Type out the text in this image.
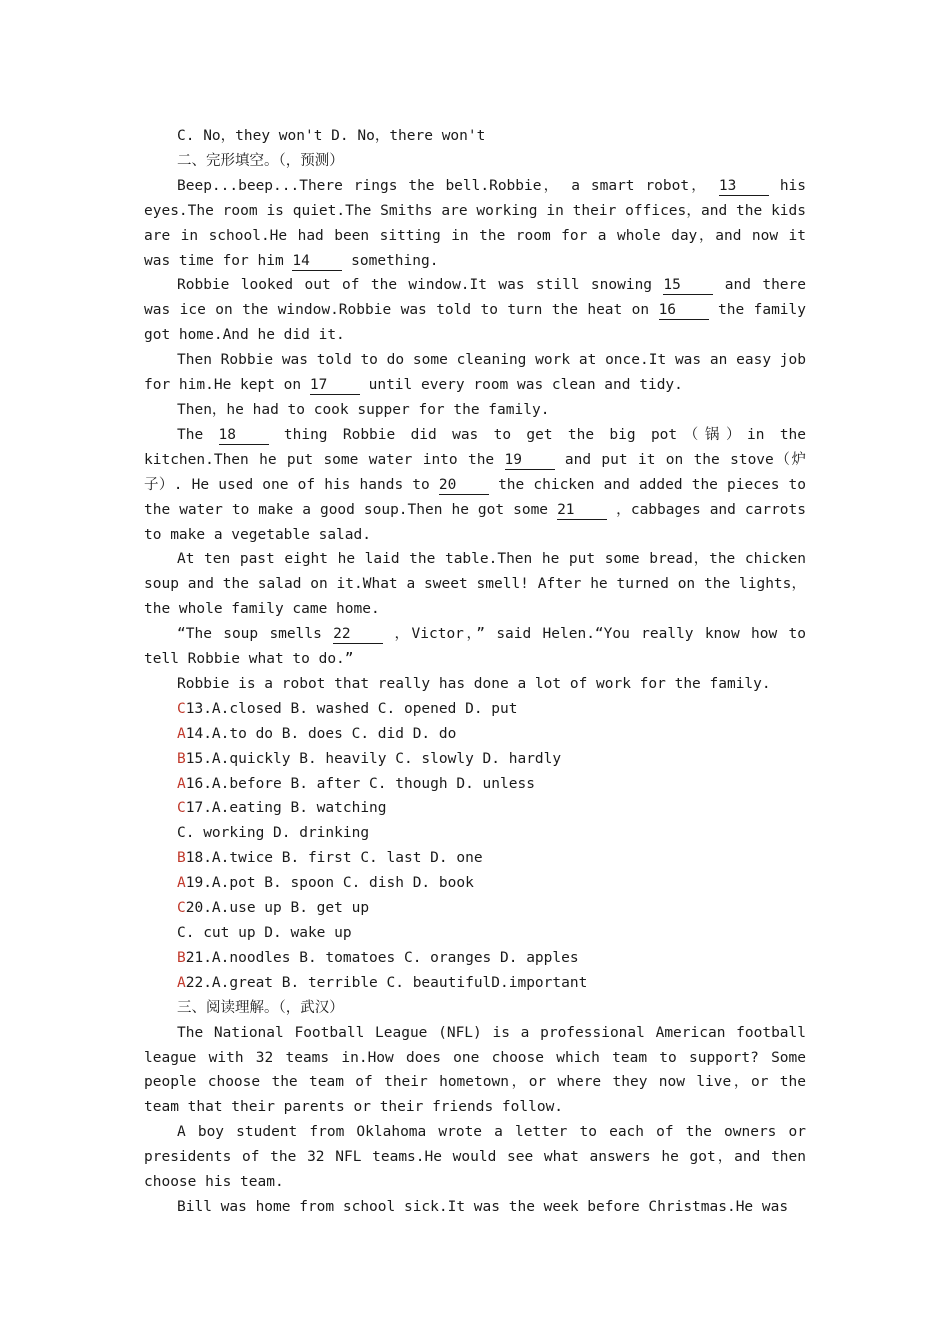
C. No，they won't D. No，there won't
二、完形填空。（，预测）

Beep...beep...There rings the bell.Robbie， a smart robot， 13	his eyes.The room is quiet.The Smiths are working in their offices，and the kids are in school.He had been sitting in the room for a whole day，and now it was time for him 14	something.

Robbie looked out of the window.It was still snowing 15	and there was ice on the window.Robbie was told to turn the heat on 16	the family got home.And he did it.

Then Robbie was told to do some cleaning work at once.It was an easy job for him.He kept on 17	until every room was clean and tidy.

Then，he had to cook supper for the family.

The 18	thing Robbie did was to get the big pot（锅）in the kitchen.Then he put some water into the 19	and put it on the stove（炉子）. He used one of his hands to 20	the chicken and added the pieces to the water to make a good soup.Then he got some 21	，cabbages and carrots to make a vegetable salad.

At ten past eight he laid the table.Then he put some bread，the chicken soup and the salad on it.What a sweet smell! After he turned on the lights，the whole family came home.

“The soup smells 22	，Victor，” said Helen.“You really know how to tell Robbie what to do.”

Robbie is a robot that really has done a lot of work for the family.

C13.A.closed B. washed C. opened D. put
A14.A.to do B. does C. did D. do
B15.A.quickly B. heavily C. slowly D. hardly
A16.A.before B. after C. though D. unless
C17.A.eating B. watching
C. working D. drinking
B18.A.twice B. first C. last D. one
A19.A.pot B. spoon C. dish D. book
C20.A.use up B. get up
C. cut up D. wake up
B21.A.noodles B. tomatoes C. oranges D. apples
A22.A.great B. terrible C. beautifulD.important
三、阅读理解。（，武汉）

The National Football League (NFL) is a professional American football league with 32 teams in.How does one choose which team to support? Some people choose the team of their hometown，or where they now live，or the team that their parents or their friends follow.

A boy student from Oklahoma wrote a letter to each of the owners or presidents of the 32 NFL teams.He would see what answers he got，and then choose his team.

Bill was home from school sick.It was the week before Christmas.He was
